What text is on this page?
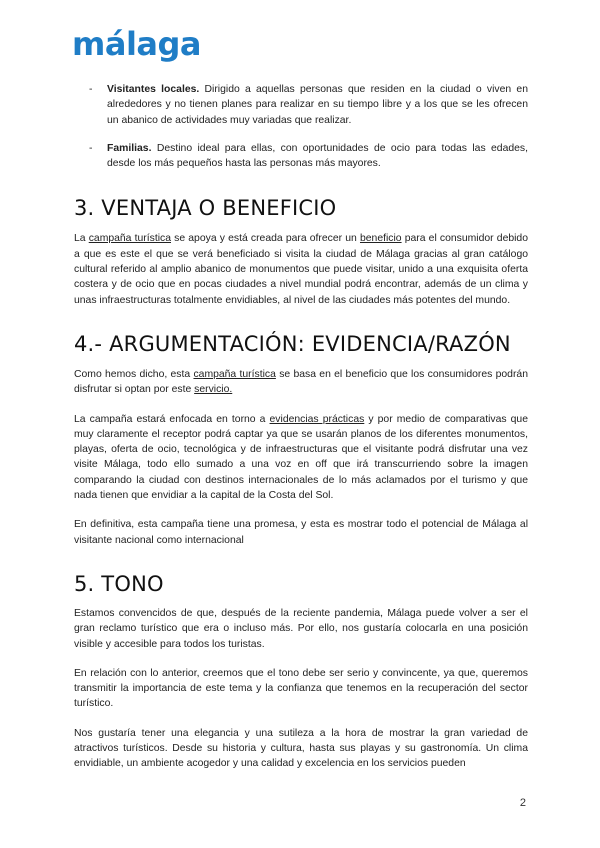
málaga

- Visitantes locales. Dirigido a aquellas personas que residen en la ciudad o viven en alrededores y no tienen planes para realizar en su tiempo libre y a los que se les ofrecen un abanico de actividades muy variadas que realizar.

- Familias. Destino ideal para ellas, con oportunidades de ocio para todas las edades, desde los más pequeños hasta las personas más mayores.

3. VENTAJA O BENEFICIO

La campaña turística se apoya y está creada para ofrecer un beneficio para el consumidor debido a que es este el que se verá beneficiado si visita la ciudad de Málaga gracias al gran catálogo cultural referido al amplio abanico de monumentos que puede visitar, unido a una exquisita oferta costera y de ocio que en pocas ciudades a nivel mundial podrá encontrar, además de un clima y unas infraestructuras totalmente envidiables, al nivel de las ciudades más potentes del mundo.

4.- ARGUMENTACIÓN: EVIDENCIA/RAZÓN

Como hemos dicho, esta campaña turística se basa en el beneficio que los consumidores podrán disfrutar si optan por este servicio.

La campaña estará enfocada en torno a evidencias prácticas y por medio de comparativas que muy claramente el receptor podrá captar ya que se usarán planos de los diferentes monumentos, playas, oferta de ocio, tecnológica y de infraestructuras que el visitante podrá disfrutar una vez visite Málaga, todo ello sumado a una voz en off que irá transcurriendo sobre la imagen comparando la ciudad con destinos internacionales de lo más aclamados por el turismo y que nada tienen que envidiar a la capital de la Costa del Sol.

En definitiva, esta campaña tiene una promesa, y esta es mostrar todo el potencial de Málaga al visitante nacional como internacional

5. TONO

Estamos convencidos de que, después de la reciente pandemia, Málaga puede volver a ser el gran reclamo turístico que era o incluso más. Por ello, nos gustaría colocarla en una posición visible y accesible para todos los turistas.

En relación con lo anterior, creemos que el tono debe ser serio y convincente, ya que, queremos transmitir la importancia de este tema y la confianza que tenemos en la recuperación del sector turístico.

Nos gustaría tener una elegancia y una sutileza a la hora de mostrar la gran variedad de atractivos turísticos. Desde su historia y cultura, hasta sus playas y su gastronomía. Un clima envidiable, un ambiente acogedor y una calidad y excelencia en los servicios pueden

2
